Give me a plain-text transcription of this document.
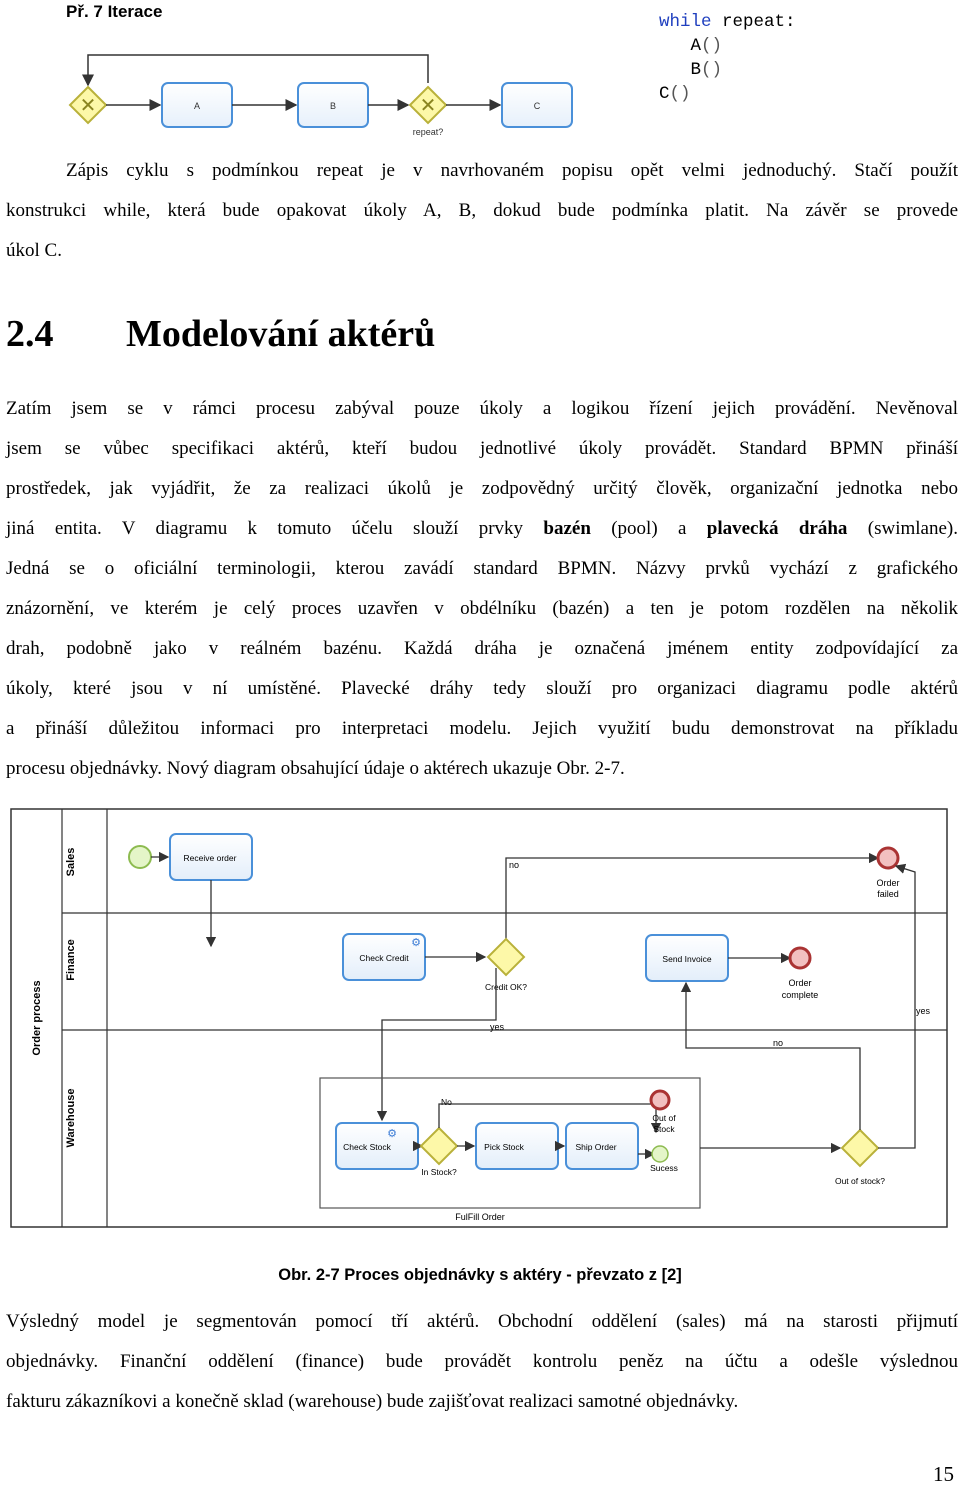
Př. 7 Iterace
✕	A	B	✕
repeat?
C
while repeat:
A()
B()
C()
Zápis cyklu s podmínkou repeat je v navrhovaném popisu opět velmi jednoduchý. Stačí použít
konstrukci while, která bude opakovat úkoly A, B, dokud bude podmínka platit. Na závěr se provede
úkol C.
2.4 Modelování aktérů
Zatím jsem se v rámci procesu zabýval pouze úkoly a logikou řízení jejich provádění. Nevěnoval
jsem se vůbec specifikaci aktérů, kteří budou jednotlivé úkoly provádět. Standard BPMN přináší
prostředek, jak vyjádřit, že za realizaci úkolů je zodpovědný určitý člověk, organizační jednotka nebo
jiná entita. V diagramu k tomuto účelu slouží prvky bazén (pool) a plavecká dráha (swimlane).
Jedná se o oficiální terminologii, kterou zavádí standard BPMN. Názvy prvků vychází z grafického
znázornění, ve kterém je celý proces uzavřen v obdélníku (bazén) a ten je potom rozdělen na několik
drah, podobně jako v reálném bazénu. Každá dráha je označená jménem entity zodpovídající za
úkoly, které jsou v ní umístěné. Plavecké dráhy tedy slouží pro organizaci diagramu podle aktérů
a přináší důležitou informaci pro interpretaci modelu. Jejich využití budu demonstrovat na příkladu
procesu objednávky. Nový diagram obsahující údaje o aktérech ukazuje Obr. 2-7.
Order process
Sales
Finance
Warehouse
Receive order
no
Order
failed
Check Credit
⚙
Credit OK?
yes
Send Invoice
Order
complete
Check Stock
⚙
In Stock?
No
Pick Stock	Ship Order
Out of
Stock
Sucess
Out of stock?
no
yes
FulFill Order
Obr. 2-7 Proces objednávky s aktéry - převzato z [2]
Výsledný model je segmentován pomocí tří aktérů. Obchodní oddělení (sales) má na starosti přijmutí
objednávky. Finanční oddělení (finance) bude provádět kontrolu peněz na účtu a odešle výslednou
fakturu zákazníkovi a konečně sklad (warehouse) bude zajišťovat realizaci samotné objednávky.
15
